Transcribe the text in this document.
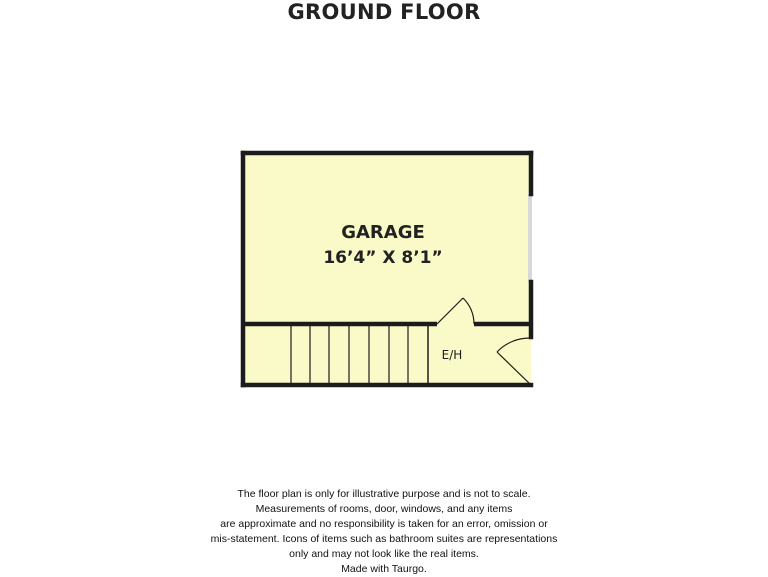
GROUND FLOOR
GARAGE
16’4” X 8’1”
E/H
The floor plan is only for illustrative purpose and is not to scale.
Measurements of rooms, door, windows, and any items
are approximate and no responsibility is taken for an error, omission or
mis-statement. Icons of items such as bathroom suites are representations
only and may not look like the real items.
Made with Taurgo.
